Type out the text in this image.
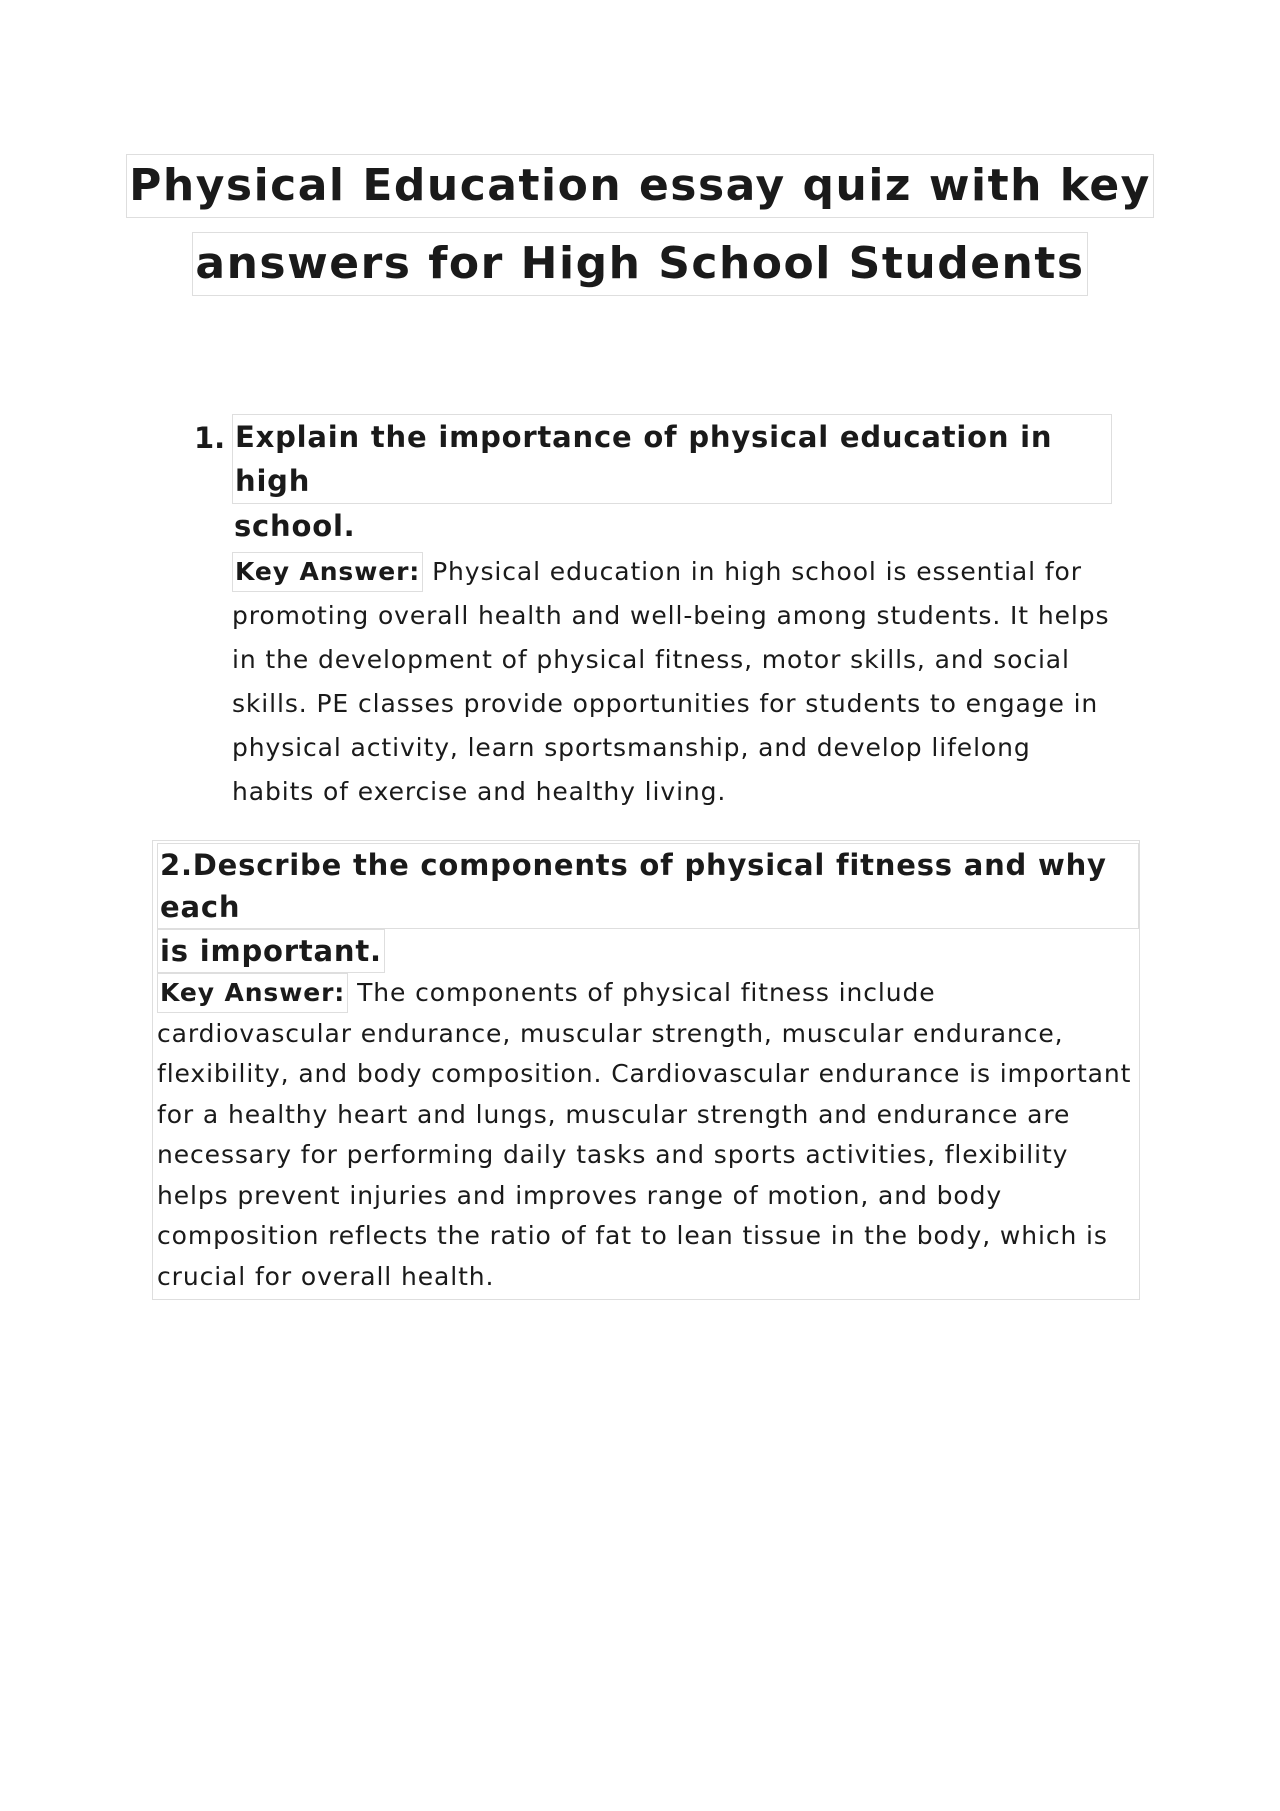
Physical Education essay quiz with key
answers for High School Students
1. Explain the importance of physical education in high
school.
Key Answer: Physical education in high school is essential for promoting overall health and well-being among students. It helps in the development of physical fitness, motor skills, and social skills. PE classes provide opportunities for students to engage in physical activity, learn sportsmanship, and develop lifelong habits of exercise and healthy living.
2.Describe the components of physical fitness and why each
is important.
Key Answer: The components of physical fitness include cardiovascular endurance, muscular strength, muscular endurance, flexibility, and body composition. Cardiovascular endurance is important for a healthy heart and lungs, muscular strength and endurance are necessary for performing daily tasks and sports activities, flexibility helps prevent injuries and improves range of motion, and body composition reflects the ratio of fat to lean tissue in the body, which is crucial for overall health.
